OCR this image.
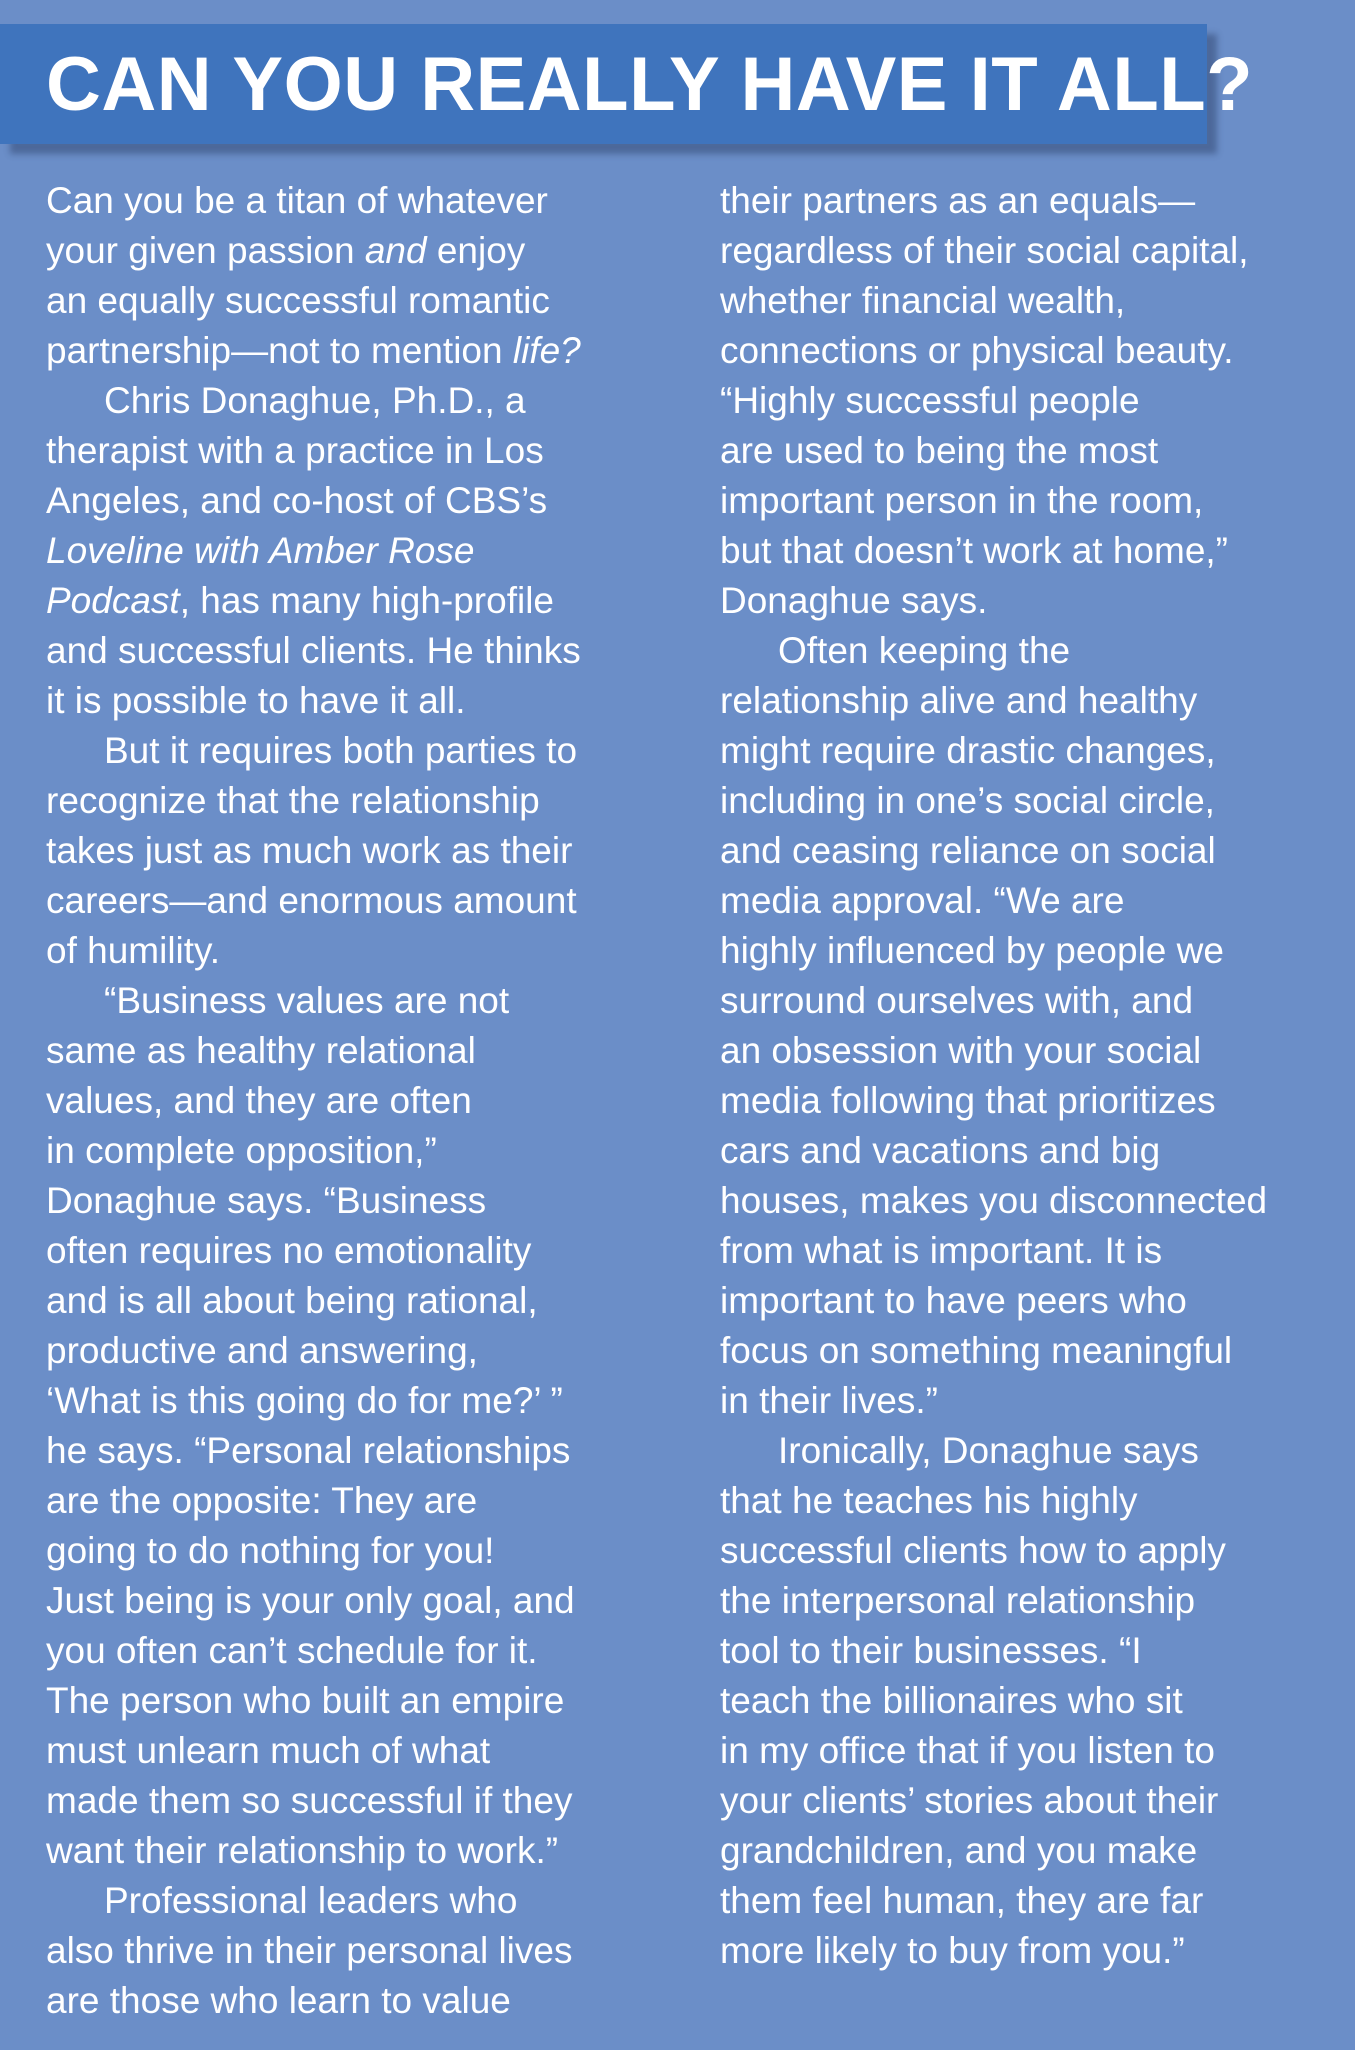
CAN YOU REALLY HAVE IT ALL?
Can you be a titan of whatever
your given passion and enjoy
an equally successful romantic
partnership—not to mention life?
Chris Donaghue, Ph.D., a
therapist with a practice in Los
Angeles, and co-host of CBS’s
Loveline with Amber Rose
Podcast, has many high-profile
and successful clients. He thinks
it is possible to have it all.
But it requires both parties to
recognize that the relationship
takes just as much work as their
careers—and enormous amount
of humility.
“Business values are not
same as healthy relational
values, and they are often
in complete opposition,”
Donaghue says. “Business
often requires no emotionality
and is all about being rational,
productive and answering,
‘What is this going do for me?’ ”
he says. “Personal relationships
are the opposite: They are
going to do nothing for you!
Just being is your only goal, and
you often can’t schedule for it.
The person who built an empire
must unlearn much of what
made them so successful if they
want their relationship to work.”
Professional leaders who
also thrive in their personal lives
are those who learn to value
their partners as an equals—
regardless of their social capital,
whether financial wealth,
connections or physical beauty.
“Highly successful people
are used to being the most
important person in the room,
but that doesn’t work at home,”
Donaghue says.
Often keeping the
relationship alive and healthy
might require drastic changes,
including in one’s social circle,
and ceasing reliance on social
media approval. “We are
highly influenced by people we
surround ourselves with, and
an obsession with your social
media following that prioritizes
cars and vacations and big
houses, makes you disconnected
from what is important. It is
important to have peers who
focus on something meaningful
in their lives.”
Ironically, Donaghue says
that he teaches his highly
successful clients how to apply
the interpersonal relationship
tool to their businesses. “I
teach the billionaires who sit
in my office that if you listen to
your clients’ stories about their
grandchildren, and you make
them feel human, they are far
more likely to buy from you.”
